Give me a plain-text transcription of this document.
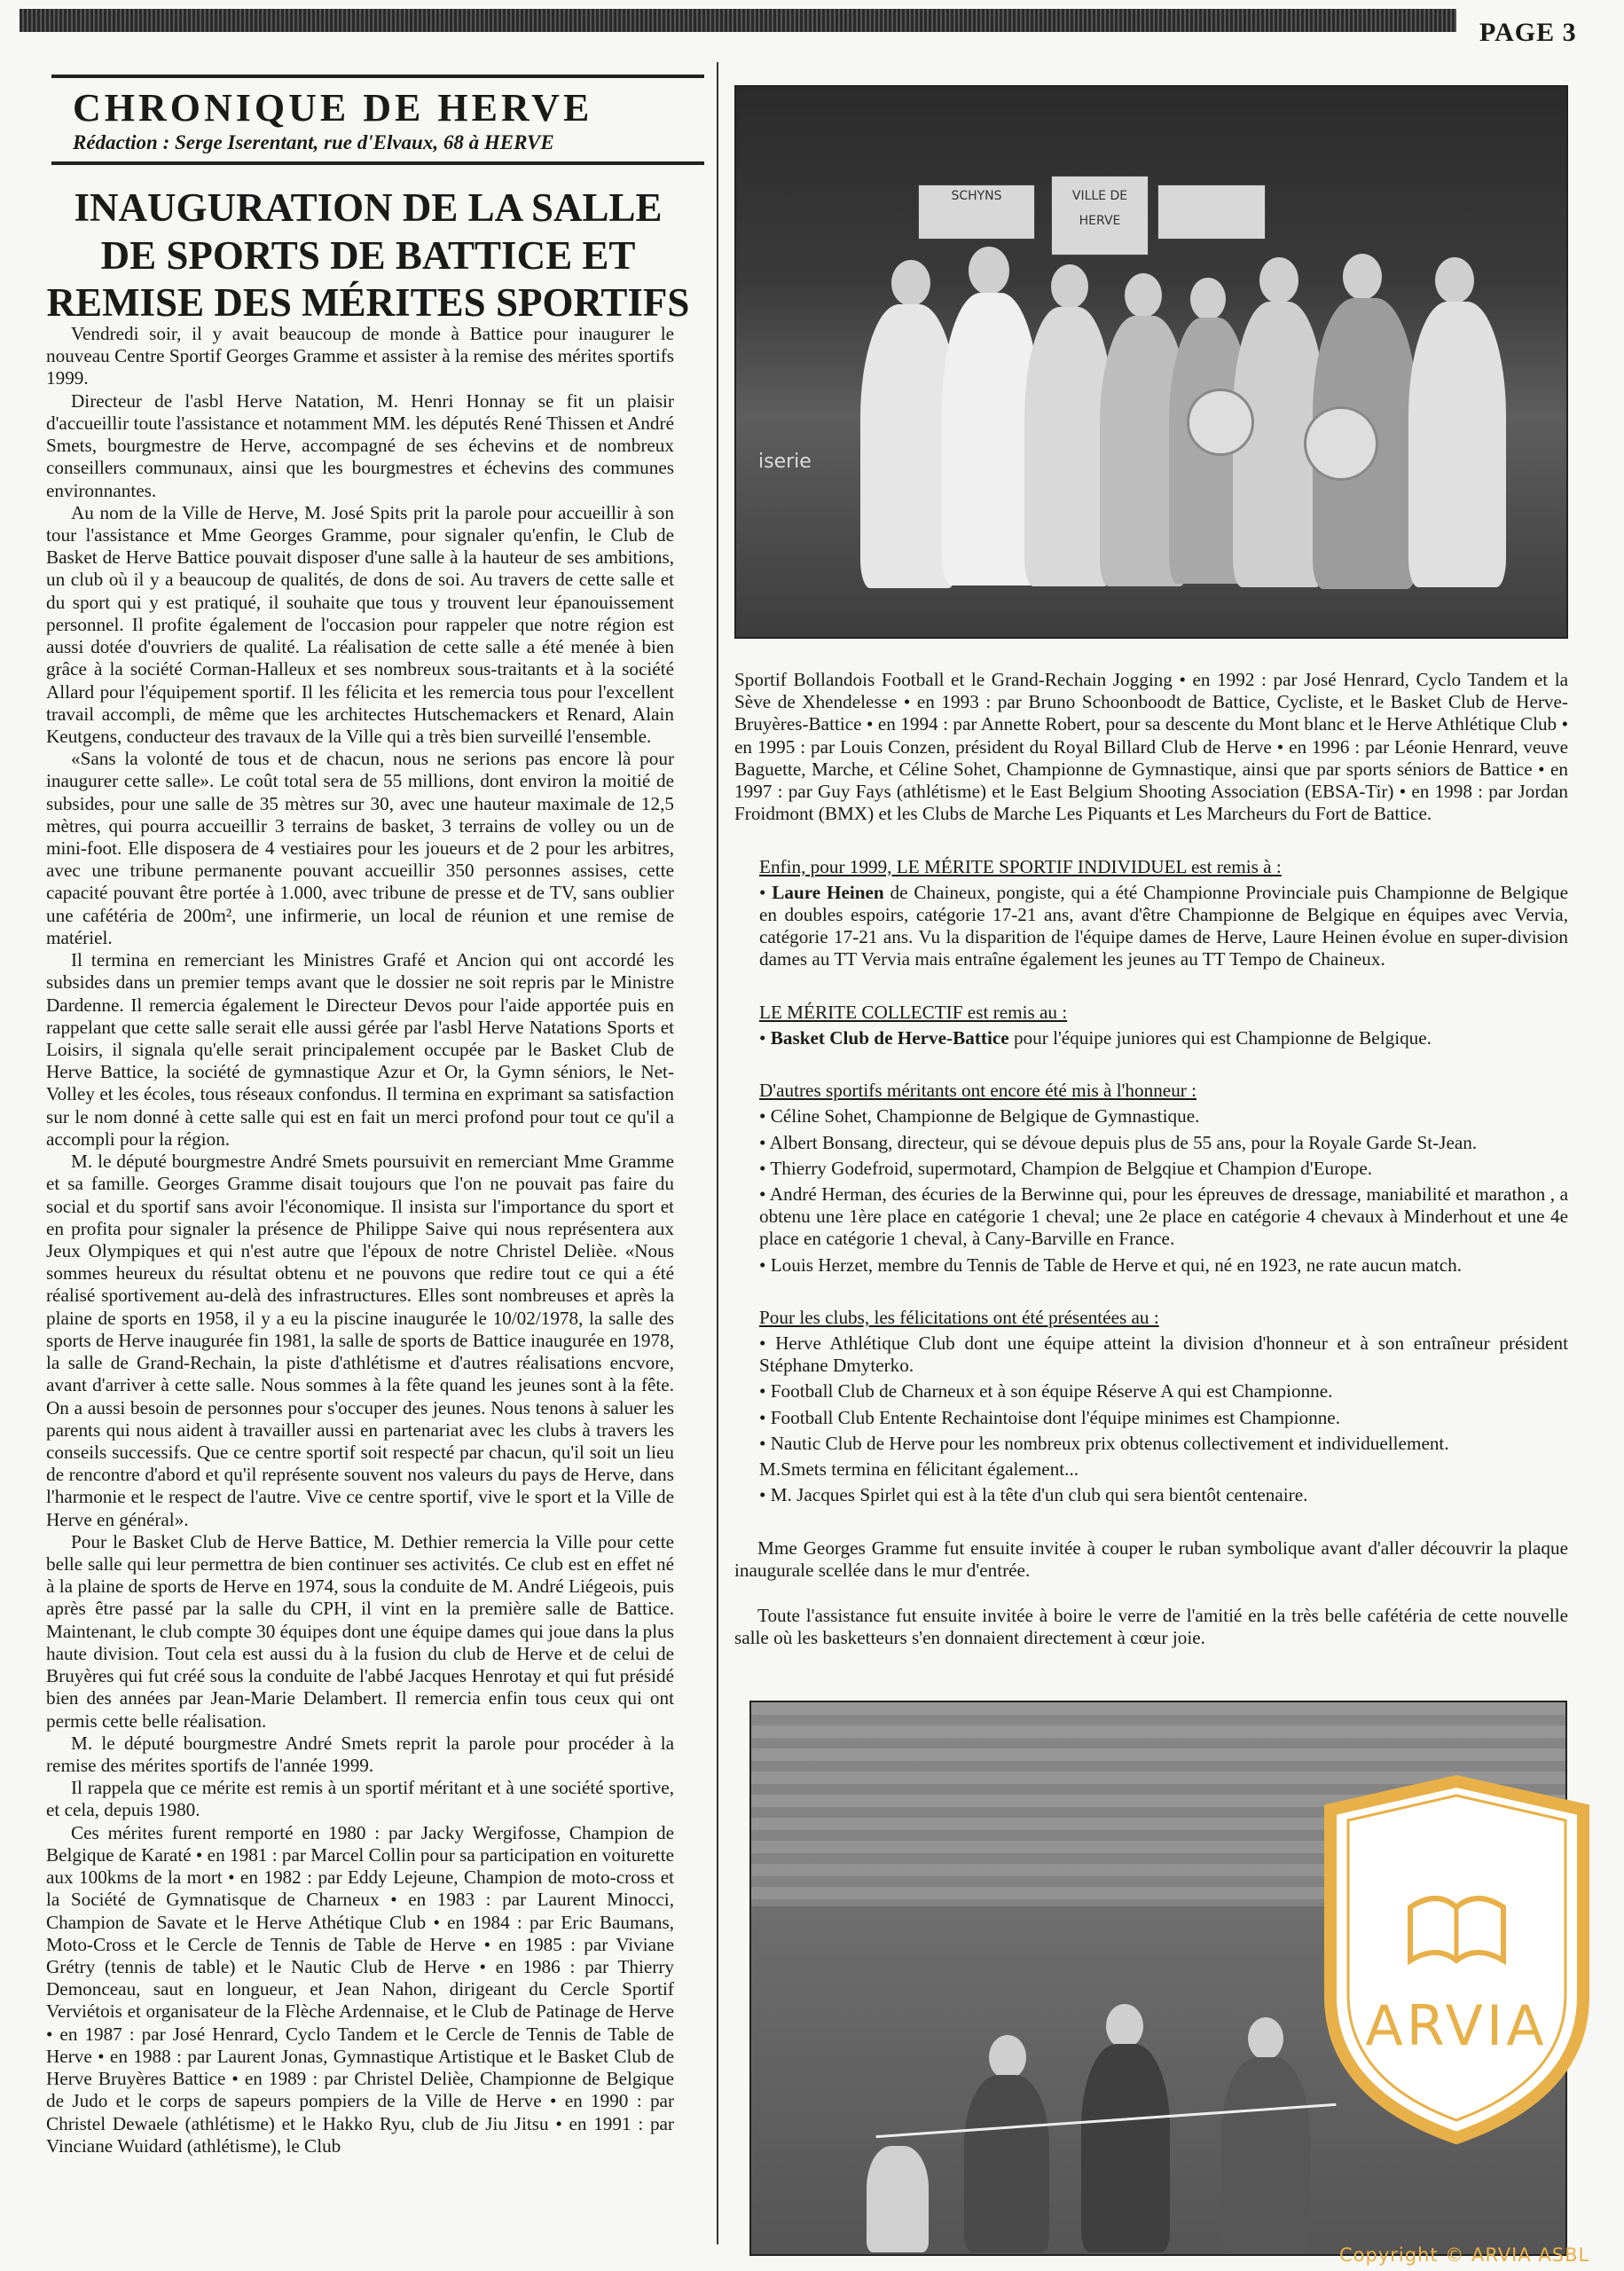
PAGE 3
CHRONIQUE DE HERVE
Rédaction : Serge Iserentant, rue d'Elvaux, 68 à HERVE
INAUGURATION DE LA SALLE
DE SPORTS DE BATTICE ET
REMISE DES MÉRITES SPORTIFS

Vendredi soir, il y avait beaucoup de monde à Battice pour inaugurer le nouveau Centre Sportif Georges Gramme et assister à la remise des mérites sportifs 1999.

Directeur de l'asbl Herve Natation, M. Henri Honnay se fit un plaisir d'accueillir toute l'assistance et notamment MM. les députés René Thissen et André Smets, bourgmestre de Herve, accompagné de ses échevins et de nombreux conseillers communaux, ainsi que les bourgmestres et échevins des communes environnantes.

Au nom de la Ville de Herve, M. José Spits prit la parole pour accueillir à son tour l'assistance et Mme Georges Gramme, pour signaler qu'enfin, le Club de Basket de Herve Battice pouvait disposer d'une salle à la hauteur de ses ambitions, un club où il y a beaucoup de qualités, de dons de soi. Au travers de cette salle et du sport qui y est pratiqué, il souhaite que tous y trouvent leur épanouissement personnel. Il profite également de l'occasion pour rappeler que notre région est aussi dotée d'ouvriers de qualité. La réalisation de cette salle a été menée à bien grâce à la société Corman-Halleux et ses nombreux sous-traitants et à la société Allard pour l'équipement sportif. Il les félicita et les remercia tous pour l'excellent travail accompli, de même que les architectes Hutschemackers et Renard, Alain Keutgens, conducteur des travaux de la Ville qui a très bien surveillé l'ensemble.

«Sans la volonté de tous et de chacun, nous ne serions pas encore là pour inaugurer cette salle». Le coût total sera de 55 millions, dont environ la moitié de subsides, pour une salle de 35 mètres sur 30, avec une hauteur maximale de 12,5 mètres, qui pourra accueillir 3 terrains de basket, 3 terrains de volley ou un de mini-foot. Elle disposera de 4 vestiaires pour les joueurs et de 2 pour les arbitres, avec une tribune permanente pouvant accueillir 350 personnes assises, cette capacité pouvant être portée à 1.000, avec tribune de presse et de TV, sans oublier une cafétéria de 200m², une infirmerie, un local de réunion et une remise de matériel.

Il termina en remerciant les Ministres Grafé et Ancion qui ont accordé les subsides dans un premier temps avant que le dossier ne soit repris par le Ministre Dardenne. Il remercia également le Directeur Devos pour l'aide apportée puis en rappelant que cette salle serait elle aussi gérée par l'asbl Herve Natations Sports et Loisirs, il signala qu'elle serait principalement occupée par le Basket Club de Herve Battice, la société de gymnastique Azur et Or, la Gymn séniors, le Net-Volley et les écoles, tous réseaux confondus. Il termina en exprimant sa satisfaction sur le nom donné à cette salle qui est en fait un merci profond pour tout ce qu'il a accompli pour la région.

M. le député bourgmestre André Smets poursuivit en remerciant Mme Gramme et sa famille. Georges Gramme disait toujours que l'on ne pouvait pas faire du social et du sportif sans avoir l'économique. Il insista sur l'importance du sport et en profita pour signaler la présence de Philippe Saive qui nous représentera aux Jeux Olympiques et qui n'est autre que l'époux de notre Christel Delièe. «Nous sommes heureux du résultat obtenu et ne pouvons que redire tout ce qui a été réalisé sportivement au-delà des infrastructures. Elles sont nombreuses et après la plaine de sports en 1958, il y a eu la piscine inaugurée le 10/02/1978, la salle des sports de Herve inaugurée fin 1981, la salle de sports de Battice inaugurée en 1978, la salle de Grand-Rechain, la piste d'athlétisme et d'autres réalisations encvore, avant d'arriver à cette salle. Nous sommes à la fête quand les jeunes sont à la fête. On a aussi besoin de personnes pour s'occuper des jeunes. Nous tenons à saluer les parents qui nous aident à travailler aussi en partenariat avec les clubs à travers les conseils successifs. Que ce centre sportif soit respecté par chacun, qu'il soit un lieu de rencontre d'abord et qu'il représente souvent nos valeurs du pays de Herve, dans l'harmonie et le respect de l'autre. Vive ce centre sportif, vive le sport et la Ville de Herve en général».

Pour le Basket Club de Herve Battice, M. Dethier remercia la Ville pour cette belle salle qui leur permettra de bien continuer ses activités. Ce club est en effet né à la plaine de sports de Herve en 1974, sous la conduite de M. André Liégeois, puis après être passé par la salle du CPH, il vint en la première salle de Battice. Maintenant, le club compte 30 équipes dont une équipe dames qui joue dans la plus haute division. Tout cela est aussi du à la fusion du club de Herve et de celui de Bruyères qui fut créé sous la conduite de l'abbé Jacques Henrotay et qui fut présidé bien des années par Jean-Marie Delambert. Il remercia enfin tous ceux qui ont permis cette belle réalisation.

M. le député bourgmestre André Smets reprit la parole pour procéder à la remise des mérites sportifs de l'année 1999.

Il rappela que ce mérite est remis à un sportif méritant et à une société sportive, et cela, depuis 1980.

Ces mérites furent remporté en 1980 : par Jacky Wergifosse, Champion de Belgique de Karaté • en 1981 : par Marcel Collin pour sa participation en voiturette aux 100kms de la mort • en 1982 : par Eddy Lejeune, Champion de moto-cross et la Société de Gymnatisque de Charneux • en 1983 : par Laurent Minocci, Champion de Savate et le Herve Athétique Club • en 1984 : par Eric Baumans, Moto-Cross et le Cercle de Tennis de Table de Herve • en 1985 : par Viviane Grétry (tennis de table) et le Nautic Club de Herve • en 1986 : par Thierry Demonceau, saut en longueur, et Jean Nahon, dirigeant du Cercle Sportif Verviétois et organisateur de la Flèche Ardennaise, et le Club de Patinage de Herve • en 1987 : par José Henrard, Cyclo Tandem et le Cercle de Tennis de Table de Herve • en 1988 : par Laurent Jonas, Gymnastique Artistique et le Basket Club de Herve Bruyères Battice • en 1989 : par Christel Delièe, Championne de Belgique de Judo et le corps de sapeurs pompiers de la Ville de Herve • en 1990 : par Christel Dewaele (athlétisme) et le Hakko Ryu, club de Jiu Jitsu • en 1991 : par Vinciane Wuidard (athlétisme), le Club

SCHYNS	VILLE DE HERVE
iserie

Sportif Bollandois Football et le Grand-Rechain Jogging • en 1992 : par José Henrard, Cyclo Tandem et la Sève de Xhendelesse • en 1993 : par Bruno Schoonboodt de Battice, Cycliste, et le Basket Club de Herve-Bruyères-Battice • en 1994 : par Annette Robert, pour sa descente du Mont blanc et le Herve Athlétique Club • en 1995 : par Louis Conzen, président du Royal Billard Club de Herve • en 1996 : par Léonie Henrard, veuve Baguette, Marche, et Céline Sohet, Championne de Gymnastique, ainsi que par sports séniors de Battice • en 1997 : par Guy Fays (athlétisme) et le East Belgium Shooting Association (EBSA-Tir) • en 1998 : par Jordan Froidmont (BMX) et les Clubs de Marche Les Piquants et Les Marcheurs du Fort de Battice.

Enfin, pour 1999, LE MÉRITE SPORTIF INDIVIDUEL est remis à :

• Laure Heinen de Chaineux, pongiste, qui a été Championne Provinciale puis Championne de Belgique en doubles espoirs, catégorie 17-21 ans, avant d'être Championne de Belgique en équipes avec Vervia, catégorie 17-21 ans. Vu la disparition de l'équipe dames de Herve, Laure Heinen évolue en super-division dames au TT Vervia mais entraîne également les jeunes au TT Tempo de Chaineux.

LE MÉRITE COLLECTIF est remis au :

• Basket Club de Herve-Battice pour l'équipe juniores qui est Championne de Belgique.

D'autres sportifs méritants ont encore été mis à l'honneur :

• Céline Sohet, Championne de Belgique de Gymnastique.

• Albert Bonsang, directeur, qui se dévoue depuis plus de 55 ans, pour la Royale Garde St-Jean.

• Thierry Godefroid, supermotard, Champion de Belgqiue et Champion d'Europe.

• André Herman, des écuries de la Berwinne qui, pour les épreuves de dressage, maniabilité et marathon , a obtenu une 1ère place en catégorie 1 cheval; une 2e place en catégorie 4 chevaux à Minderhout et une 4e place en catégorie 1 cheval, à Cany-Barville en France.

• Louis Herzet, membre du Tennis de Table de Herve et qui, né en 1923, ne rate aucun match.

Pour les clubs, les félicitations ont été présentées au :

• Herve Athlétique Club dont une équipe atteint la division d'honneur et à son entraîneur président Stéphane Dmyterko.

• Football Club de Charneux et à son équipe Réserve A qui est Championne.

• Football Club Entente Rechaintoise dont l'équipe minimes est Championne.

• Nautic Club de Herve pour les nombreux prix obtenus collectivement et individuellement.

M.Smets termina en félicitant également...

• M. Jacques Spirlet qui est à la tête d'un club qui sera bientôt centenaire.

Mme Georges Gramme fut ensuite invitée à couper le ruban symbolique avant d'aller découvrir la plaque inaugurale scellée dans le mur d'entrée.

Toute l'assistance fut ensuite invitée à boire le verre de l'amitié en la très belle cafétéria de cette nouvelle salle où les basketteurs s'en donnaient directement à cœur joie.

ARVIA
Copyright © ARVIA ASBL
